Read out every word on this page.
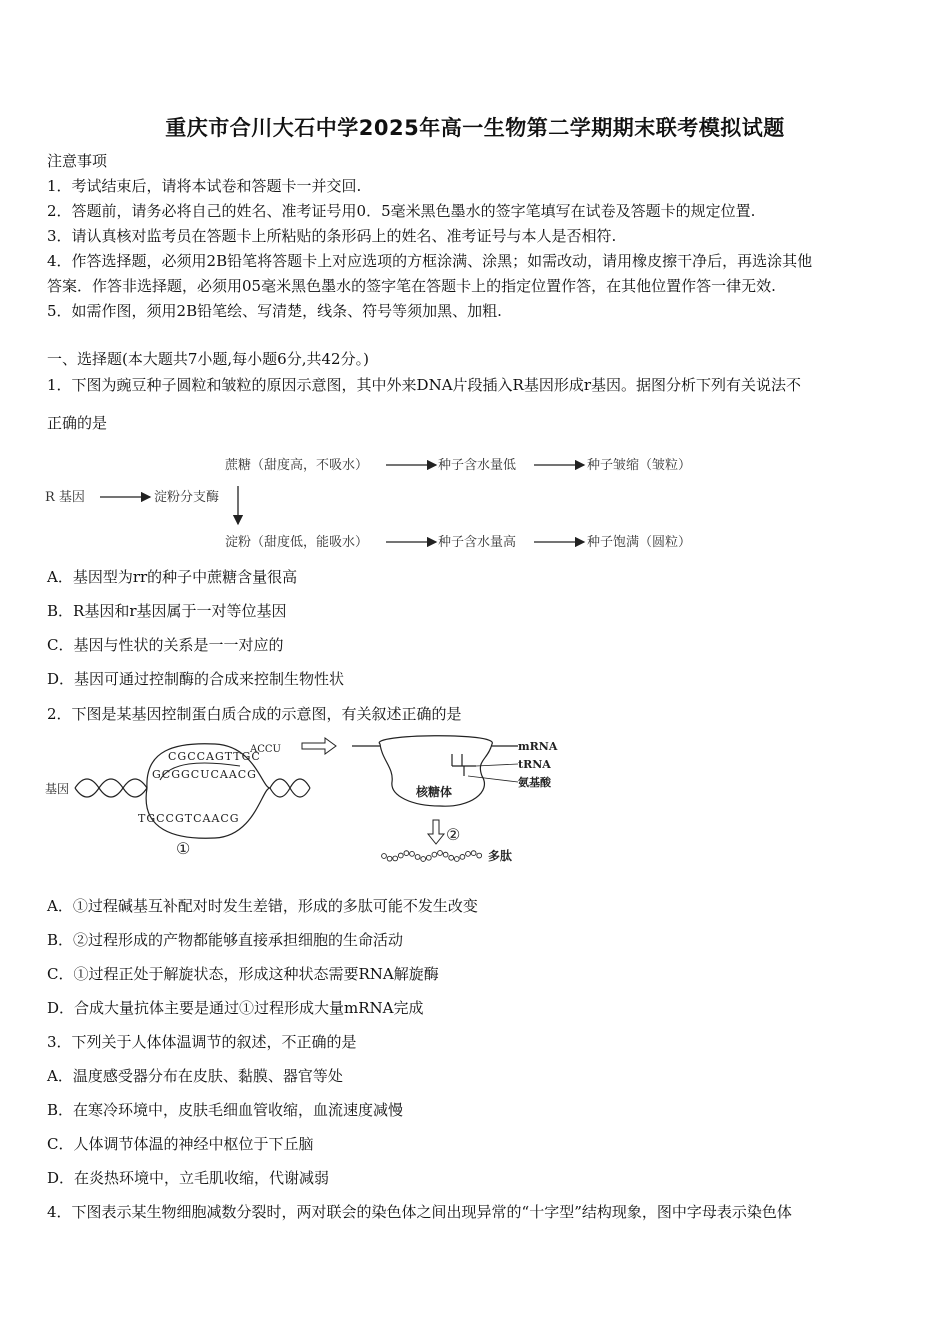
重庆市合川大石中学2025年高一生物第二学期期末联考模拟试题
注意事项
1．考试结束后，请将本试卷和答题卡一并交回.
2．答题前，请务必将自己的姓名、准考证号用0．5毫米黑色墨水的签字笔填写在试卷及答题卡的规定位置.
3．请认真核对监考员在答题卡上所粘贴的条形码上的姓名、准考证号与本人是否相符.
4．作答选择题，必须用2B铅笔将答题卡上对应选项的方框涂满、涂黑；如需改动，请用橡皮擦干净后，再选涂其他
答案．作答非选择题，必须用05毫米黑色墨水的签字笔在答题卡上的指定位置作答，在其他位置作答一律无效.
5．如需作图，须用2B铅笔绘、写清楚，线条、符号等须加黑、加粗.
一、选择题(本大题共7小题,每小题6分,共42分。)
1．下图为豌豆种子圆粒和皱粒的原因示意图，其中外来DNA片段插入R基因形成r基因。据图分析下列有关说法不
正确的是
蔗糖（甜度高，不吸水）	种子含水量低	种子皱缩（皱粒）
R 基因	淀粉分支酶
淀粉（甜度低，能吸水）	种子含水量高	种子饱满（圆粒）
A．基因型为rr的种子中蔗糖含量很高
B．R基因和r基因属于一对等位基因
C．基因与性状的关系是一一对应的
D．基因可通过控制酶的合成来控制生物性状
2．下图是某基因控制蛋白质合成的示意图，有关叙述正确的是
基因
CGCCAGTTGC
GCGGCUCAACG
ACCU
TGCCGTCAACG
①
mRNA
tRNA
氨基酸
核糖体
②
多肽
A．①过程碱基互补配对时发生差错，形成的多肽可能不发生改变
B．②过程形成的产物都能够直接承担细胞的生命活动
C．①过程正处于解旋状态，形成这种状态需要RNA解旋酶
D．合成大量抗体主要是通过①过程形成大量mRNA完成
3．下列关于人体体温调节的叙述，不正确的是
A．温度感受器分布在皮肤、黏膜、器官等处
B．在寒冷环境中，皮肤毛细血管收缩，血流速度减慢
C．人体调节体温的神经中枢位于下丘脑
D．在炎热环境中，立毛肌收缩，代谢减弱
4．下图表示某生物细胞减数分裂时，两对联会的染色体之间出现异常的“十字型”结构现象，图中字母表示染色体
